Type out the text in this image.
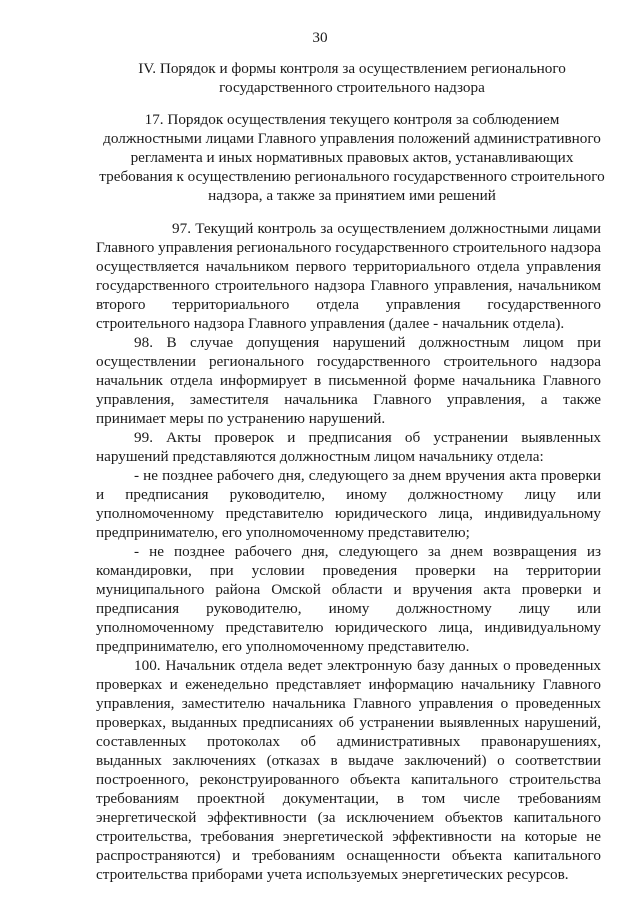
30
IV. Порядок и формы контроля за осуществлением регионального государственного строительного надзора
17. Порядок осуществления текущего контроля за соблюдением должностными лицами Главного управления положений административного регламента и иных нормативных правовых актов, устанавливающих требования к осуществлению регионального государственного строительного надзора, а также за принятием ими решений

97. Текущий контроль за осуществлением должностными лицами Главного управления регионального государственного строительного надзора осуществляется начальником первого территориального отдела управления государственного строительного надзора Главного управления, начальником второго территориального отдела управления государственного строительного надзора Главного управления (далее - начальник отдела).

98. В случае допущения нарушений должностным лицом при осуществлении регионального государственного строительного надзора начальник отдела информирует в письменной форме начальника Главного управления, заместителя начальника Главного управления, а также принимает меры по устранению нарушений.

99. Акты проверок и предписания об устранении выявленных нарушений представляются должностным лицом начальнику отдела:

- не позднее рабочего дня, следующего за днем вручения акта проверки и предписания руководителю, иному должностному лицу или уполномоченному представителю юридического лица, индивидуальному предпринимателю, его уполномоченному представителю;

- не позднее рабочего дня, следующего за днем возвращения из командировки, при условии проведения проверки на территории муниципального района Омской области и вручения акта проверки и предписания руководителю, иному должностному лицу или уполномоченному представителю юридического лица, индивидуальному предпринимателю, его уполномоченному представителю.

100. Начальник отдела ведет электронную базу данных о проведенных проверках и еженедельно представляет информацию начальнику Главного управления, заместителю начальника Главного управления о проведенных проверках, выданных предписаниях об устранении выявленных нарушений, составленных протоколах об административных правонарушениях, выданных заключениях (отказах в выдаче заключений) о соответствии построенного, реконструированного объекта капитального строительства требованиям проектной документации, в том числе требованиям энергетической эффективности (за исключением объектов капитального строительства, требования энергетической эффективности на которые не распространяются) и требованиям оснащенности объекта капитального строительства приборами учета используемых энергетических ресурсов.
